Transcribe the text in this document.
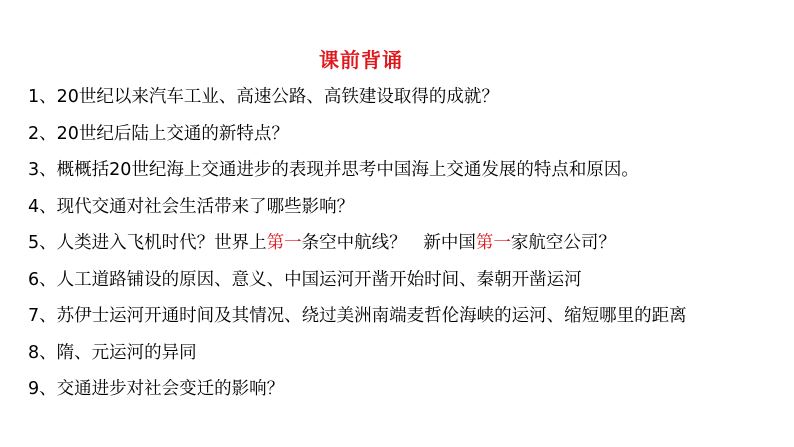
课前背诵
1、20世纪以来汽车工业、高速公路、高铁建设取得的成就？
2、20世纪后陆上交通的新特点？
3、概概括20世纪海上交通进步的表现并思考中国海上交通发展的特点和原因。
4、现代交通对社会生活带来了哪些影响？
5、人类进入飞机时代？世界上第一条空中航线？   新中国第一家航空公司？
6、人工道路铺设的原因、意义、中国运河开凿开始时间、秦朝开凿运河
7、苏伊士运河开通时间及其情况、绕过美洲南端麦哲伦海峡的运河、缩短哪里的距离
8、隋、元运河的异同
9、交通进步对社会变迁的影响？
